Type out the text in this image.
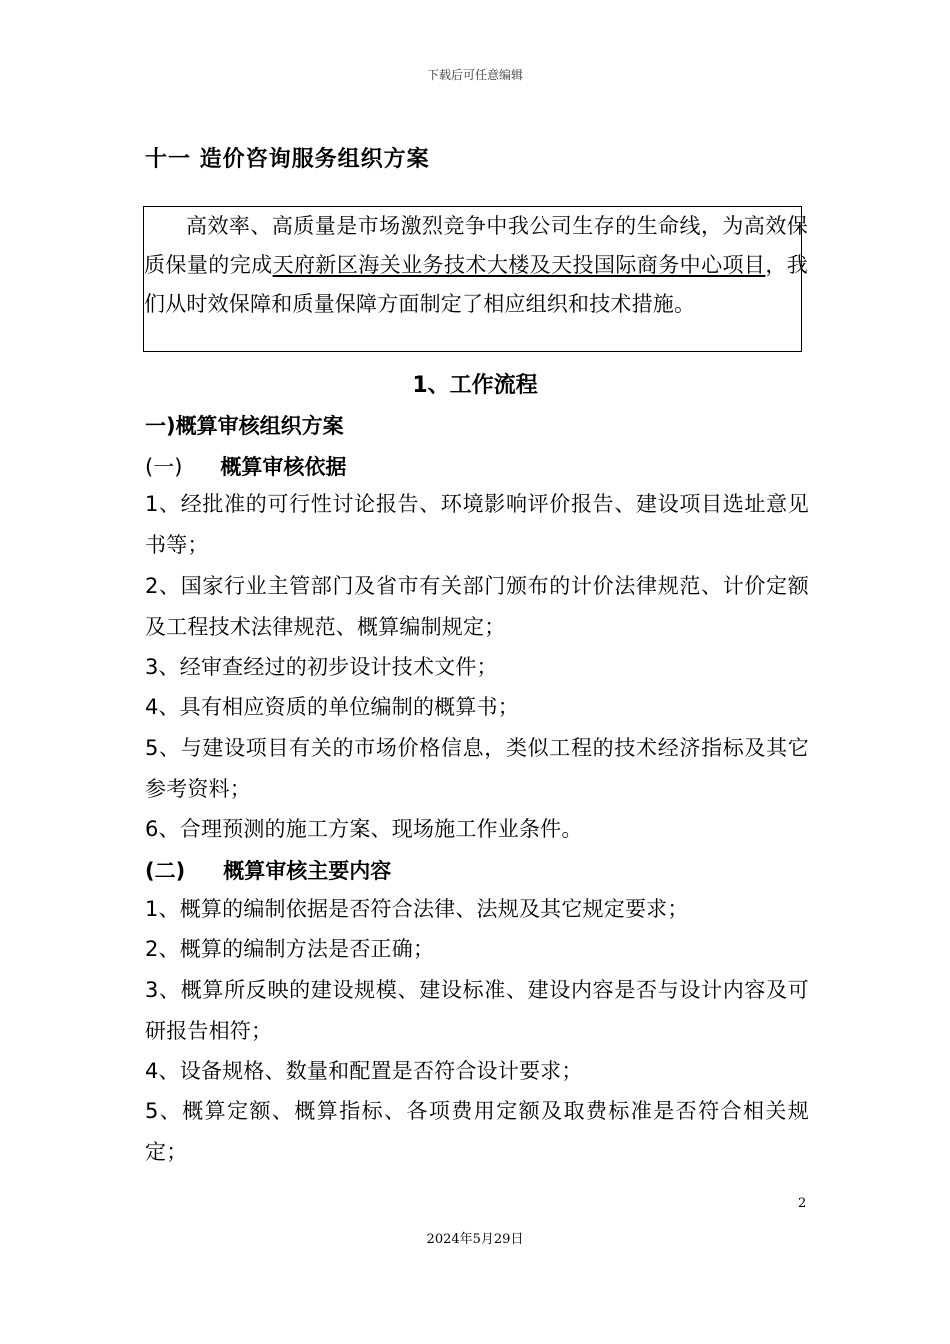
下载后可任意编辑
十一 造价咨询服务组织方案
高效率、高质量是市场激烈竞争中我公司生存的生命线，为高效保质保量的完成天府新区海关业务技术大楼及天投国际商务中心项目，我们从时效保障和质量保障方面制定了相应组织和技术措施。
1、工作流程
一)概算审核组织方案
(一) 概算审核依据
1、经批准的可行性讨论报告、环境影响评价报告、建设项目选址意见书等；
2、国家行业主管部门及省市有关部门颁布的计价法律规范、计价定额及工程技术法律规范、概算编制规定；
3、经审查经过的初步设计技术文件；
4、具有相应资质的单位编制的概算书；
5、与建设项目有关的市场价格信息，类似工程的技术经济指标及其它参考资料；
6、合理预测的施工方案、现场施工作业条件。
(二) 概算审核主要内容
1、概算的编制依据是否符合法律、法规及其它规定要求；
2、概算的编制方法是否正确；
3、概算所反映的建设规模、建设标准、建设内容是否与设计内容及可研报告相符；
4、设备规格、数量和配置是否符合设计要求；
5、概算定额、概算指标、各项费用定额及取费标准是否符合相关规定；
2
2024年5月29日
